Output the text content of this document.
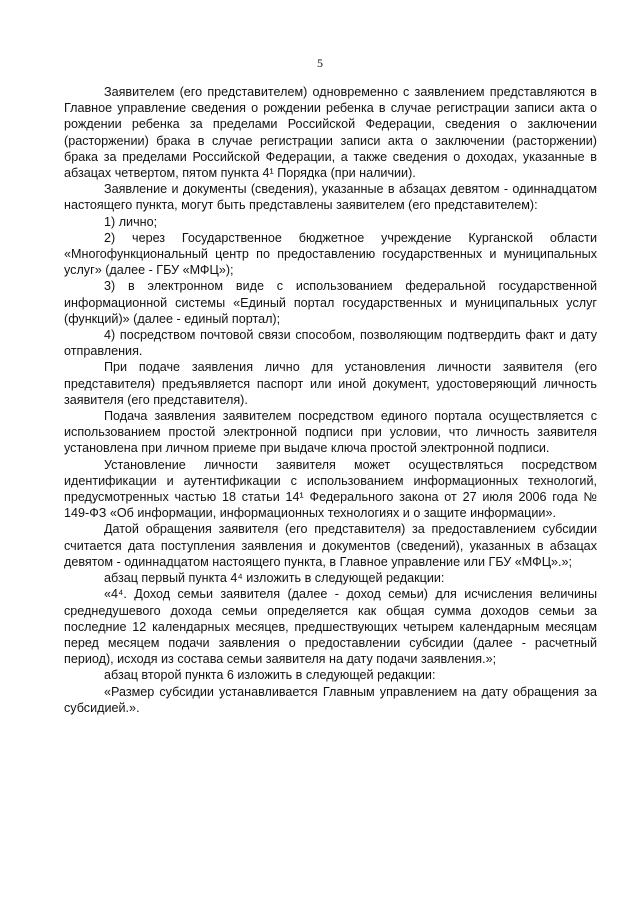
5

Заявителем (его представителем) одновременно с заявлением представляются в Главное управление сведения о рождении ребенка в случае регистрации записи акта о рождении ребенка за пределами Российской Федерации, сведения о заключении (расторжении) брака в случае регистрации записи акта о заключении (расторжении) брака за пределами Российской Федерации, а также сведения о доходах, указанные в абзацах четвертом, пятом пункта 4¹ Порядка (при наличии).

Заявление и документы (сведения), указанные в абзацах девятом - одиннадцатом настоящего пункта, могут быть представлены заявителем (его представителем):

1) лично;

2) через Государственное бюджетное учреждение Курганской области «Многофункциональный центр по предоставлению государственных и муниципальных услуг» (далее - ГБУ «МФЦ»);

3) в электронном виде с использованием федеральной государственной информационной системы «Единый портал государственных и муниципальных услуг (функций)» (далее - единый портал);

4) посредством почтовой связи способом, позволяющим подтвердить факт и дату отправления.

При подаче заявления лично для установления личности заявителя (его представителя) предъявляется паспорт или иной документ, удостоверяющий личность заявителя (его представителя).

Подача заявления заявителем посредством единого портала осуществляется с использованием простой электронной подписи при условии, что личность заявителя установлена при личном приеме при выдаче ключа простой электронной подписи.

Установление личности заявителя может осуществляться посредством идентификации и аутентификации с использованием информационных технологий, предусмотренных частью 18 статьи 14¹ Федерального закона от 27 июля 2006 года № 149-ФЗ «Об информации, информационных технологиях и о защите информации».

Датой обращения заявителя (его представителя) за предоставлением субсидии считается дата поступления заявления и документов (сведений), указанных в абзацах девятом - одиннадцатом настоящего пункта, в Главное управление или ГБУ «МФЦ».»;

абзац первый пункта 4⁴ изложить в следующей редакции:

«4⁴. Доход семьи заявителя (далее - доход семьи) для исчисления величины среднедушевого дохода семьи определяется как общая сумма доходов семьи за последние 12 календарных месяцев, предшествующих четырем календарным месяцам перед месяцем подачи заявления о предоставлении субсидии (далее - расчетный период), исходя из состава семьи заявителя на дату подачи заявления.»;

абзац второй пункта 6 изложить в следующей редакции:

«Размер субсидии устанавливается Главным управлением на дату обращения за субсидией.».
